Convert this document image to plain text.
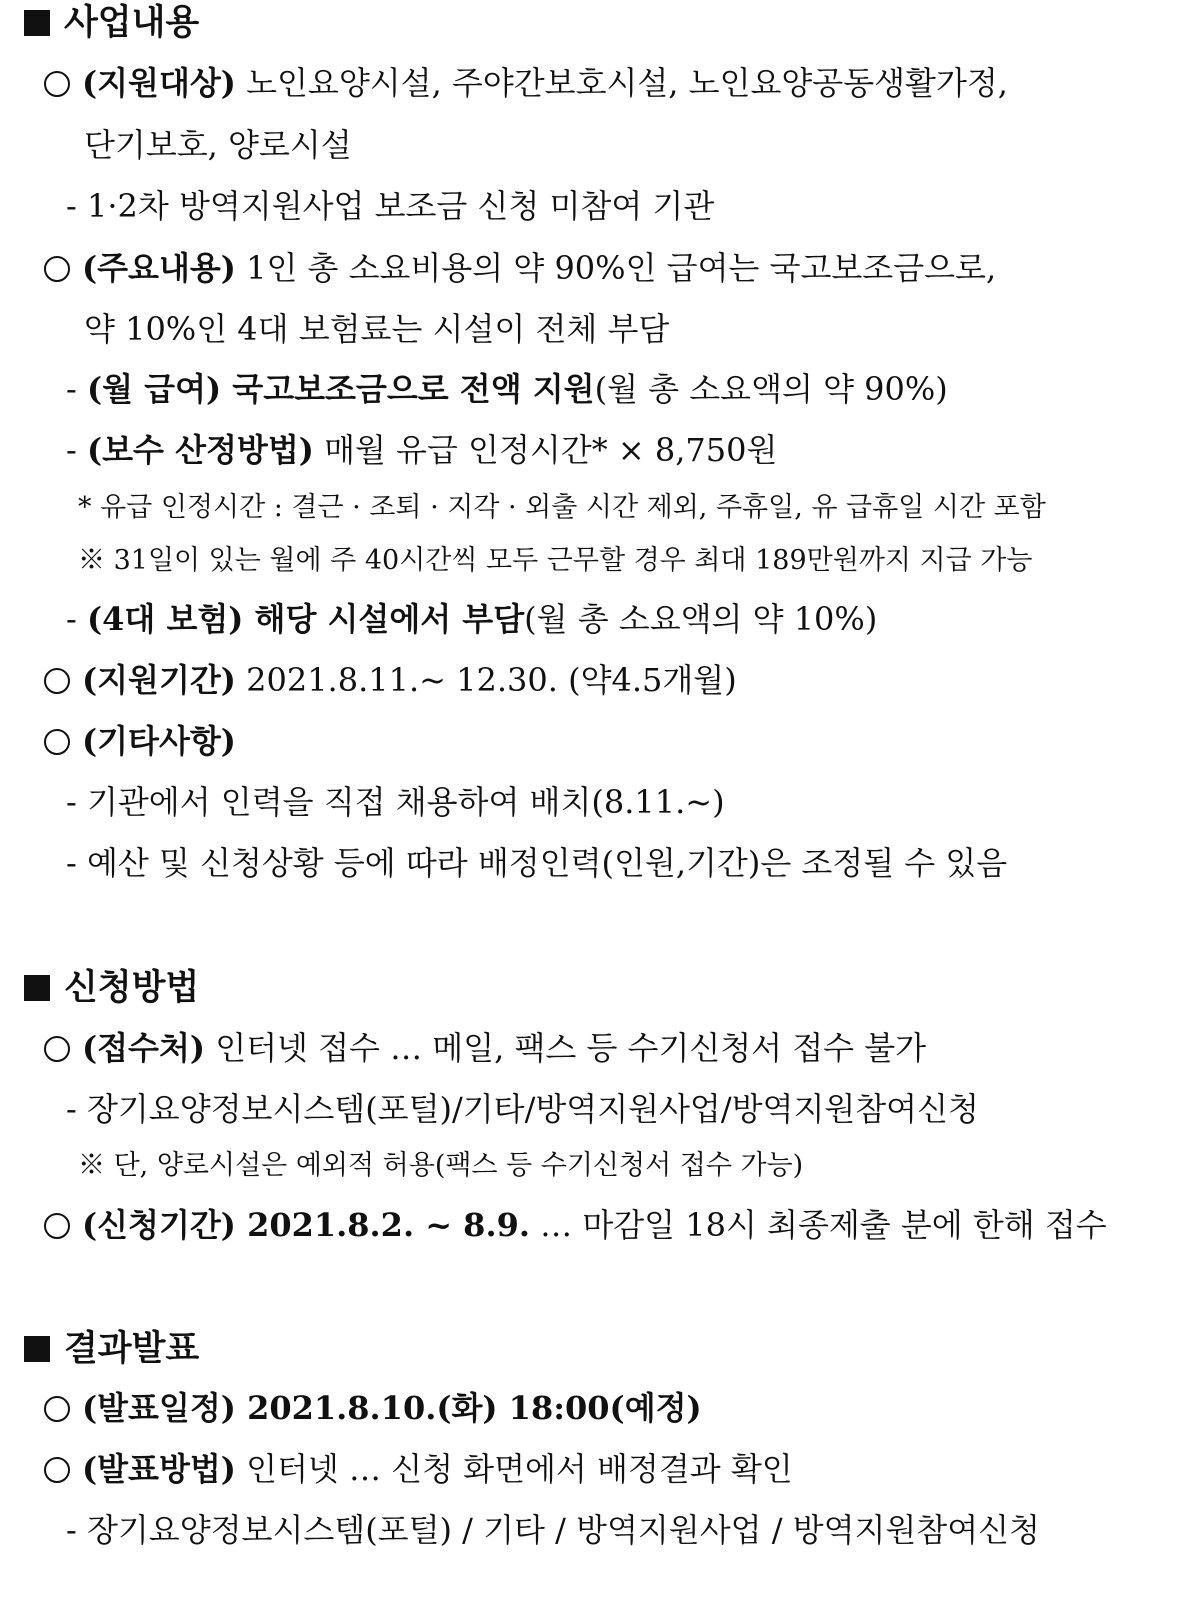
사업내용
(지원대상) 노인요양시설, 주야간보호시설, 노인요양공동생활가정,
단기보호, 양로시설
- 1·2차 방역지원사업 보조금 신청 미참여 기관
(주요내용) 1인 총 소요비용의 약 90%인 급여는 국고보조금으로,
약 10%인 4대 보험료는 시설이 전체 부담
- (월 급여) 국고보조금으로 전액 지원(월 총 소요액의 약 90%)
- (보수 산정방법) 매월 유급 인정시간* × 8,750원
* 유급 인정시간 : 결근 · 조퇴 · 지각 · 외출 시간 제외, 주휴일, 유 급휴일 시간 포함
※ 31일이 있는 월에 주 40시간씩 모두 근무할 경우 최대 189만원까지 지급 가능
- (4대 보험) 해당 시설에서 부담(월 총 소요액의 약 10%)
(지원기간) 2021.8.11.~ 12.30. (약4.5개월)
(기타사항)
- 기관에서 인력을 직접 채용하여 배치(8.11.~)
- 예산 및 신청상황 등에 따라 배정인력(인원,기간)은 조정될 수 있음
신청방법
(접수처) 인터넷 접수 … 메일, 팩스 등 수기신청서 접수 불가
- 장기요양정보시스템(포털)/기타/방역지원사업/방역지원참여신청
※ 단, 양로시설은 예외적 허용(팩스 등 수기신청서 접수 가능)
(신청기간) 2021.8.2. ~ 8.9. … 마감일 18시 최종제출 분에 한해 접수
결과발표
(발표일정) 2021.8.10.(화) 18:00(예정)
(발표방법) 인터넷 … 신청 화면에서 배정결과 확인
- 장기요양정보시스템(포털) / 기타 / 방역지원사업 / 방역지원참여신청
